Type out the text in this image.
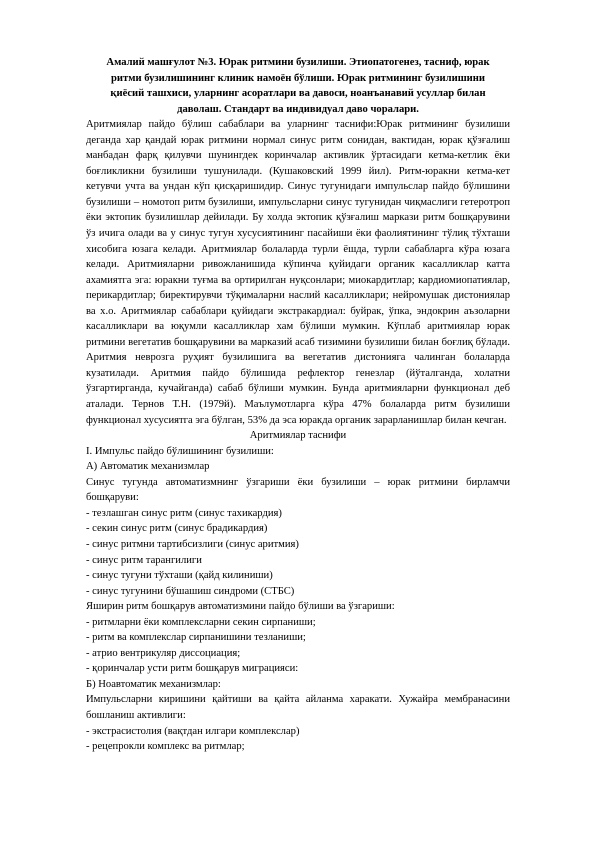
Амалий машғулот №3. Юрак ритмини бузилиши. Этиопатогенез, тасниф, юрак
ритми бузилишининг клиник намоён бўлиши. Юрак ритмининг бузилишини
қиёсий ташхиси, уларнинг асоратлари ва давоси, ноанъанавий усуллар билан
даволаш. Стандарт ва индивидуал даво чоралари.

Аритмиялар пайдо бўлиш сабаблари ва уларнинг таснифи:Юрак ритмининг бузилиши деганда хар қандай юрак ритмини нормал синус ритм сонидан, вактидан, юрак қўзғалиш манбадан фарқ қилувчи шунингдек коринчалар активлик ўртасидаги кетма-кетлик ёки боғликликни бузилиши тушунилади. (Кушаковский 1999 йил). Ритм-юракни кетма-кет кетувчи учта ва ундан кўп қисқаришидир. Синус тугунидаги импульслар пайдо бўлишини бузилиши – номотоп ритм бузилиши, импульсларни синус тугунидан чиқмаслиги гетеротроп ёки эктопик бузилишлар дейилади. Бу холда эктопик қўзғалиш маркази ритм бошқарувини ўз ичига олади ва у синус тугун хусусиятининг пасайиши ёки фаолиятининг тўлиқ тўхташи хисобига юзага келади. Аритмиялар болаларда турли ёшда, турли сабабларга кўра юзага келади. Аритмияларни ривожланишида кўпинча қуйидаги органик касалликлар катта ахамиятга эга: юракни туғма ва ортирилган нуқсонлари; миокардитлар; кардиомиопатиялар, перикардитлар; биректирувчи тўқималарни наслий касалликлари; нейромушак дистониялар ва х.о. Аритмиялар сабаблари қуйидаги экстракардиал: буйрак, ўпка, эндокрин аъзоларни касалликлари ва юқумли касалликлар хам бўлиши мумкин. Кўплаб аритмиялар юрак ритмини вегетатив бошқарувини ва марказий асаб тизимини бузилиши билан боғлиқ бўлади. Аритмия неврозга руҳият бузилишига ва вегетатив дистонияга чалинган болаларда кузатилади. Аритмия пайдо бўлишида рефлектор генезлар (йўталганда, холатни ўзгартирганда, кучайганда) сабаб бўлиши мумкин. Бунда аритмияларни функционал деб аталади. Тернов Т.Н. (1979й). Маълумотларга кўра 47% болаларда ритм бузилиши функционал хусусиятга эга бўлган, 53% да эса юракда органик зарарланишлар билан кечган.

Аритмиялар таснифи

I. Импульс пайдо бўлишининг бузилиши:

А) Автоматик механизмлар

Синус тугунда автоматизмнинг ўзгариши ёки бузилиши – юрак ритмини бирламчи бошқаруви:

- тезлашган синус ритм (синус тахикардия)

- секин синус ритм (синус брадикардия)

- синус ритмни тартибсизлиги (синус аритмия)

- синус ритм тарангилиги

- синус тугуни тўхташи (қайд килиниши)

- синус тугунини бўшашиш синдроми (СТБС)

Яширин ритм бошқарув автоматизмини пайдо бўлиши ва ўзгариши:

- ритмларни ёки комплексларни секин сирпаниши;

- ритм ва комплекслар сирпанишини тезланиши;

- атрио вентрикуляр диссоциация;

- қоринчалар усти ритм бошқарув миграцияси:

Б) Ноавтоматик механизмлар:

Импульсларни киришини қайтиши ва қайта айланма харакати. Хужайра мембранасини бошланиш активлиги:

- экстрасистолия (вақтдан илгари комплекслар)

- рецепрокли комплекс ва ритмлар;
